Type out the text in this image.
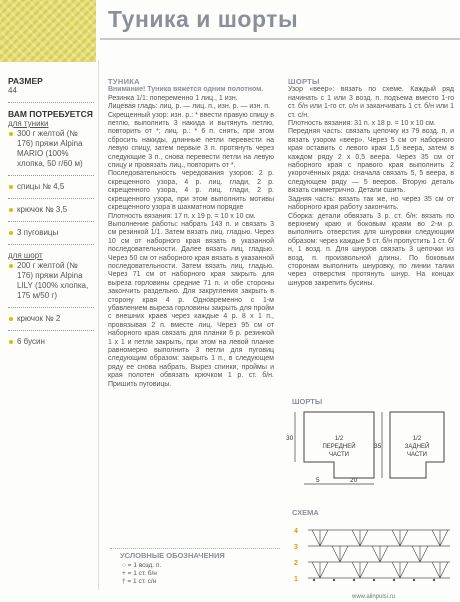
Туника и шорты
РАЗМЕР
44
ВАМ ПОТРЕБУЕТСЯ
для туники
300 г желтой (№ 176) пряжи Alpina MARIO (100% хлопка, 50 г/60 м)
спицы № 4,5
крючок № 3,5
3 пуговицы
для шорт
200 г желтой (№ 176) пряжи Alpina LILY (100% хлопка, 175 м/50 г)
крючок № 2
6 бусин

ТУНИКА

Внимание! Туника вяжется одним полотном.

Резинка 1/1: попеременно 1 лиц., 1 изн.

Лицевая гладь: лиц. р. — лиц. п., изн. р. — изн. п.

Скрещенный узор: изн. р.: * ввести правую спицу в петлю, выполнить 3 накида и вытянуть петлю, повторить от *; лиц. р.: * 6 п. снять, при этом сбросить накиды, длинные петли перевести на левую спицу, затем первые 3 п. протянуть через следующие 3 п., снова перевести петли на левую спицу и провязать лиц., повторить от *.

Последовательность чередования узоров: 2 р. скрещенного узора, 4 р. лиц. глади, 2 р. скрещенного узора, 4 р. лиц. глади, 2 р. скрещенного узора, при этом выполнить мотивы скрещенного узора в шахматном порядке

Плотность вязания: 17 п. x 19 р. = 10 x 10 см.

Выполнение работы: набрать 143 п. и связать 3 см резинкой 1/1. Затем вязать лиц. гладью. Через 10 см от наборного края вязать в указанной последовательности. Далее вязать лиц. гладью. Через 50 см от наборного края вязать в указанной последовательности. Затем вязать лиц. гладью. Через 71 см от наборного края закрыть для выреза горловины средние 71 п. и обе стороны закончить раздельно. Для закругления закрыть в сторону края 4 р. Одновременно с 1-м убавлением выреза горловины закрыть для пройм с внешних краев через каждые 4 р. 8 x 1 п., провязывая 2 п. вместе лиц. Через 95 см от наборного края связать для планки 6 р. резинкой 1 x 1 и петли закрыть, при этом на левой планке равномерно выполнить 3 петли для пуговиц следующим образом: закрыть 1 п., в следующем ряду ее снова набрать. Вырез спинки, проймы и края полотен обвязать крючком 1 р. ст. б/н. Пришить пуговицы.

ШОРТЫ

Узор «веер»: вязать по схеме. Каждый ряд начинать с 1 или 3 возд. п. подъема вместо 1-го ст. б/н или 1-го ст. с/н и заканчивать 1 ст. б/н или 1 ст. с/н.

Плотность вязания: 31 п. x 18 р. = 10 x 10 см.

Передняя часть: связать цепочку из 79 возд. п. и вязать узором «веер». Через 5 см от наборного края оставить с левого края 1,5 веера, затем в каждом ряду 2 x 0,5 веера. Через 35 см от наборного края с правого края выполнить 2 укорочённых ряда: сначала связать 5, 5 веера, в следующем ряду — 5 вееров. Вторую деталь вязать симметрично. Детали сшить.

Задняя часть: вязать так же, но через 35 см от наборного края работу закончить.

Сборка: детали обвязать 3 р. ст. б/н: вязать по верхнему краю и боковым краям во 2-м р. выполнить отверстия для шнуровки следующим образом: через каждые 5 ст. б/н пропустить 1 ст. б/н, 1 возд. п. Для шнуров связать 3 цепочки из возд. п. произвольной длины. По боковым сторонам выполнить шнуровку, по линии талии через отверстия протянуть шнур. На концах шнуров закрепить бусины.

ШОРТЫ
1/2 ПЕРЕДНЕЙ ЧАСТИ
1/2 ЗАДНЕЙ ЧАСТИ
30
35
5	20
СХЕМА
4
3
2
1
УСЛОВНЫЕ ОБОЗНАЧЕНИЯ
○ = 1 возд. п.
+ = 1 ст. б/н
† = 1 ст. с/н
www.alinpulsi.ru
